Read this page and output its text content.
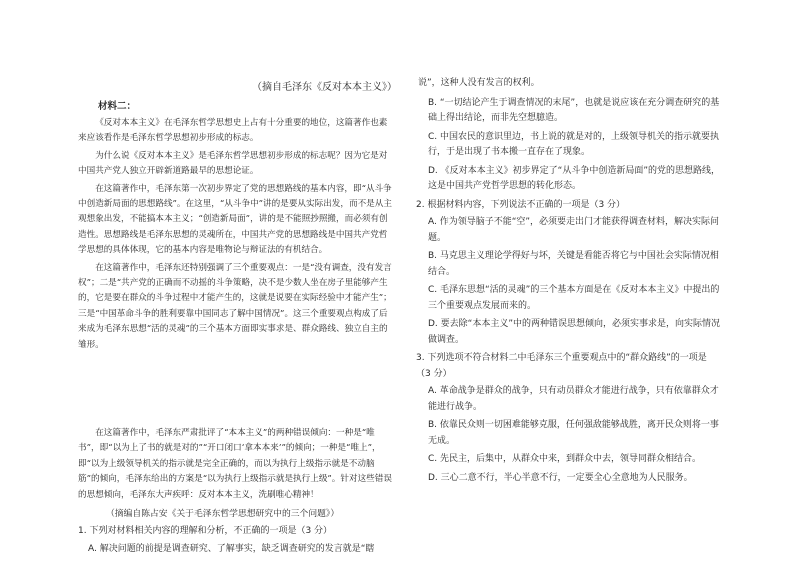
（摘自毛泽东《反对本本主义》）
材料二：

《反对本本主义》在毛泽东哲学思想史上占有十分重要的地位，这篇著作也素来应该看作是毛泽东哲学思想初步形成的标志。

为什么说《反对本本主义》是毛泽东哲学思想初步形成的标志呢？因为它是对中国共产党人独立开辟新道路最早的思想论证。

在这篇著作中，毛泽东第一次初步界定了党的思想路线的基本内容，即“从斗争中创造新局面的思想路线”。在这里，“从斗争中”讲的是要从实际出发，而不是从主观想象出发，不能搞本本主义；“创造新局面”，讲的是不能照抄照搬，而必须有创造性。思想路线是毛泽东思想的灵魂所在，中国共产党的思想路线是中国共产党哲学思想的具体体现，它的基本内容是唯物论与辩证法的有机结合。

在这篇著作中，毛泽东还特别强调了三个重要观点：一是“没有调查，没有发言权”；二是“共产党的正确而不动摇的斗争策略，决不是少数人坐在房子里能够产生的，它是要在群众的斗争过程中才能产生的，这就是说要在实际经验中才能产生”；三是“中国革命斗争的胜利要靠中国同志了解中国情况”。这三个重要观点构成了后来成为毛泽东思想“活的灵魂”的三个基本方面即实事求是、群众路线、独立自主的雏形。

说”，这种人没有发言的权利。
B. “一切结论产生于调查情况的末尾”，也就是说应该在充分调查研究的基础上得出结论，而非先空想臆造。
C. 中国农民的意识里边，书上说的就是对的，上级领导机关的指示就要执行，于是出现了书本搬一直存在了现象。
D. 《反对本本主义》初步界定了“从斗争中创造新局面”的党的思想路线，这是中国共产党哲学思想的转化形态。
2. 根据材料内容，下列说法不正确的一项是（3 分）
A. 作为领导脑子不能“空”，必须要走出门才能获得调查材料，解决实际问题。
B. 马克思主义理论学得好与坏，关键是看能否将它与中国社会实际情况相结合。
C. 毛泽东思想“活的灵魂”的三个基本方面是在《反对本本主义》中提出的三个重要观点发展而来的。
D. 要去除“本本主义”中的两种错误思想倾向，必须实事求是，向实际情况做调查。
3. 下列选项不符合材料二中毛泽东三个重要观点中的“群众路线”的一项是（3 分）
A. 革命战争是群众的战争，只有动员群众才能进行战争，只有依靠群众才能进行战争。
B. 依靠民众则一切困难能够克服，任何强敌能够战胜，离开民众则将一事无成。
C. 先民主，后集中，从群众中来，到群众中去，领导同群众相结合。
D. 三心二意不行，半心半意不行，一定要全心全意地为人民服务。

在这篇著作中，毛泽东严肃批评了“本本主义”的两种错误倾向：一种是“唯书”，即“以为上了书的就是对的”“开口闭口‘拿本本来’”的倾向；一种是“唯上”，即“以为上级领导机关的指示就是完全正确的，而以为执行上级指示就是不动脑筋”的倾向，毛泽东给出的方案是“以为执行上级指示就是执行上级”。针对这些错误的思想倾向，毛泽东大声疾呼：反对本本主义，洗刷唯心精神！

（摘编自陈占安《关于毛泽东哲学思想研究中的三个问题》）
1. 下列对材料相关内容的理解和分析，不正确的一项是（3 分）
A. 解决问题的前提是调查研究、了解事实，缺乏调查研究的发言就是“瞎
